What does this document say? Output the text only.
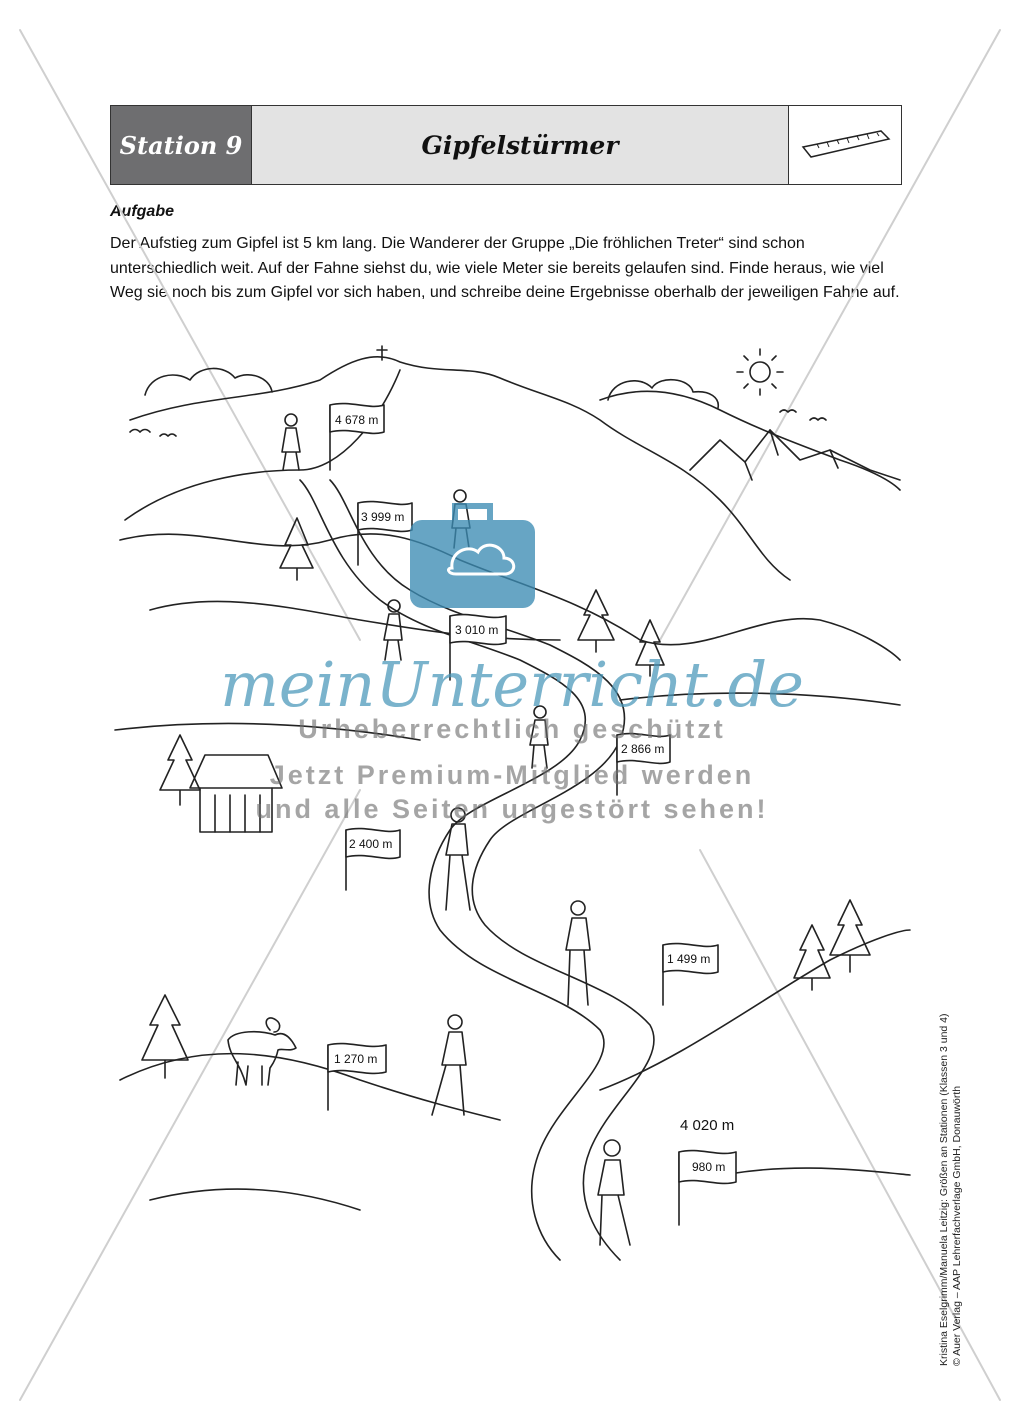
Station 9	Gipfelstürmer
Aufgabe

Der Aufstieg zum Gipfel ist 5 km lang. Die Wanderer der Gruppe „Die fröhlichen Treter“ sind schon unterschiedlich weit. Auf der Fahne siehst du, wie viele Meter sie bereits gelaufen sind. Finde heraus, wie viel Weg sie noch bis zum Gipfel vor sich haben, und schreibe deine Ergebnisse oberhalb der jeweiligen Fahne auf.

4 678 m
3 999 m
3 010 m
2 866 m
2 400 m
1 499 m
1 270 m
980 m
4 020 m
meinUnterricht.de
Urheberrechtlich geschützt
Jetzt Premium-Mitglied werden
und alle Seiten ungestört sehen!
Kristina Eselgrimm/Manuela Leitzig: Größen an Stationen (Klassen 3 und 4) © Auer Verlag – AAP Lehrerfachverlage GmbH, Donauwörth
